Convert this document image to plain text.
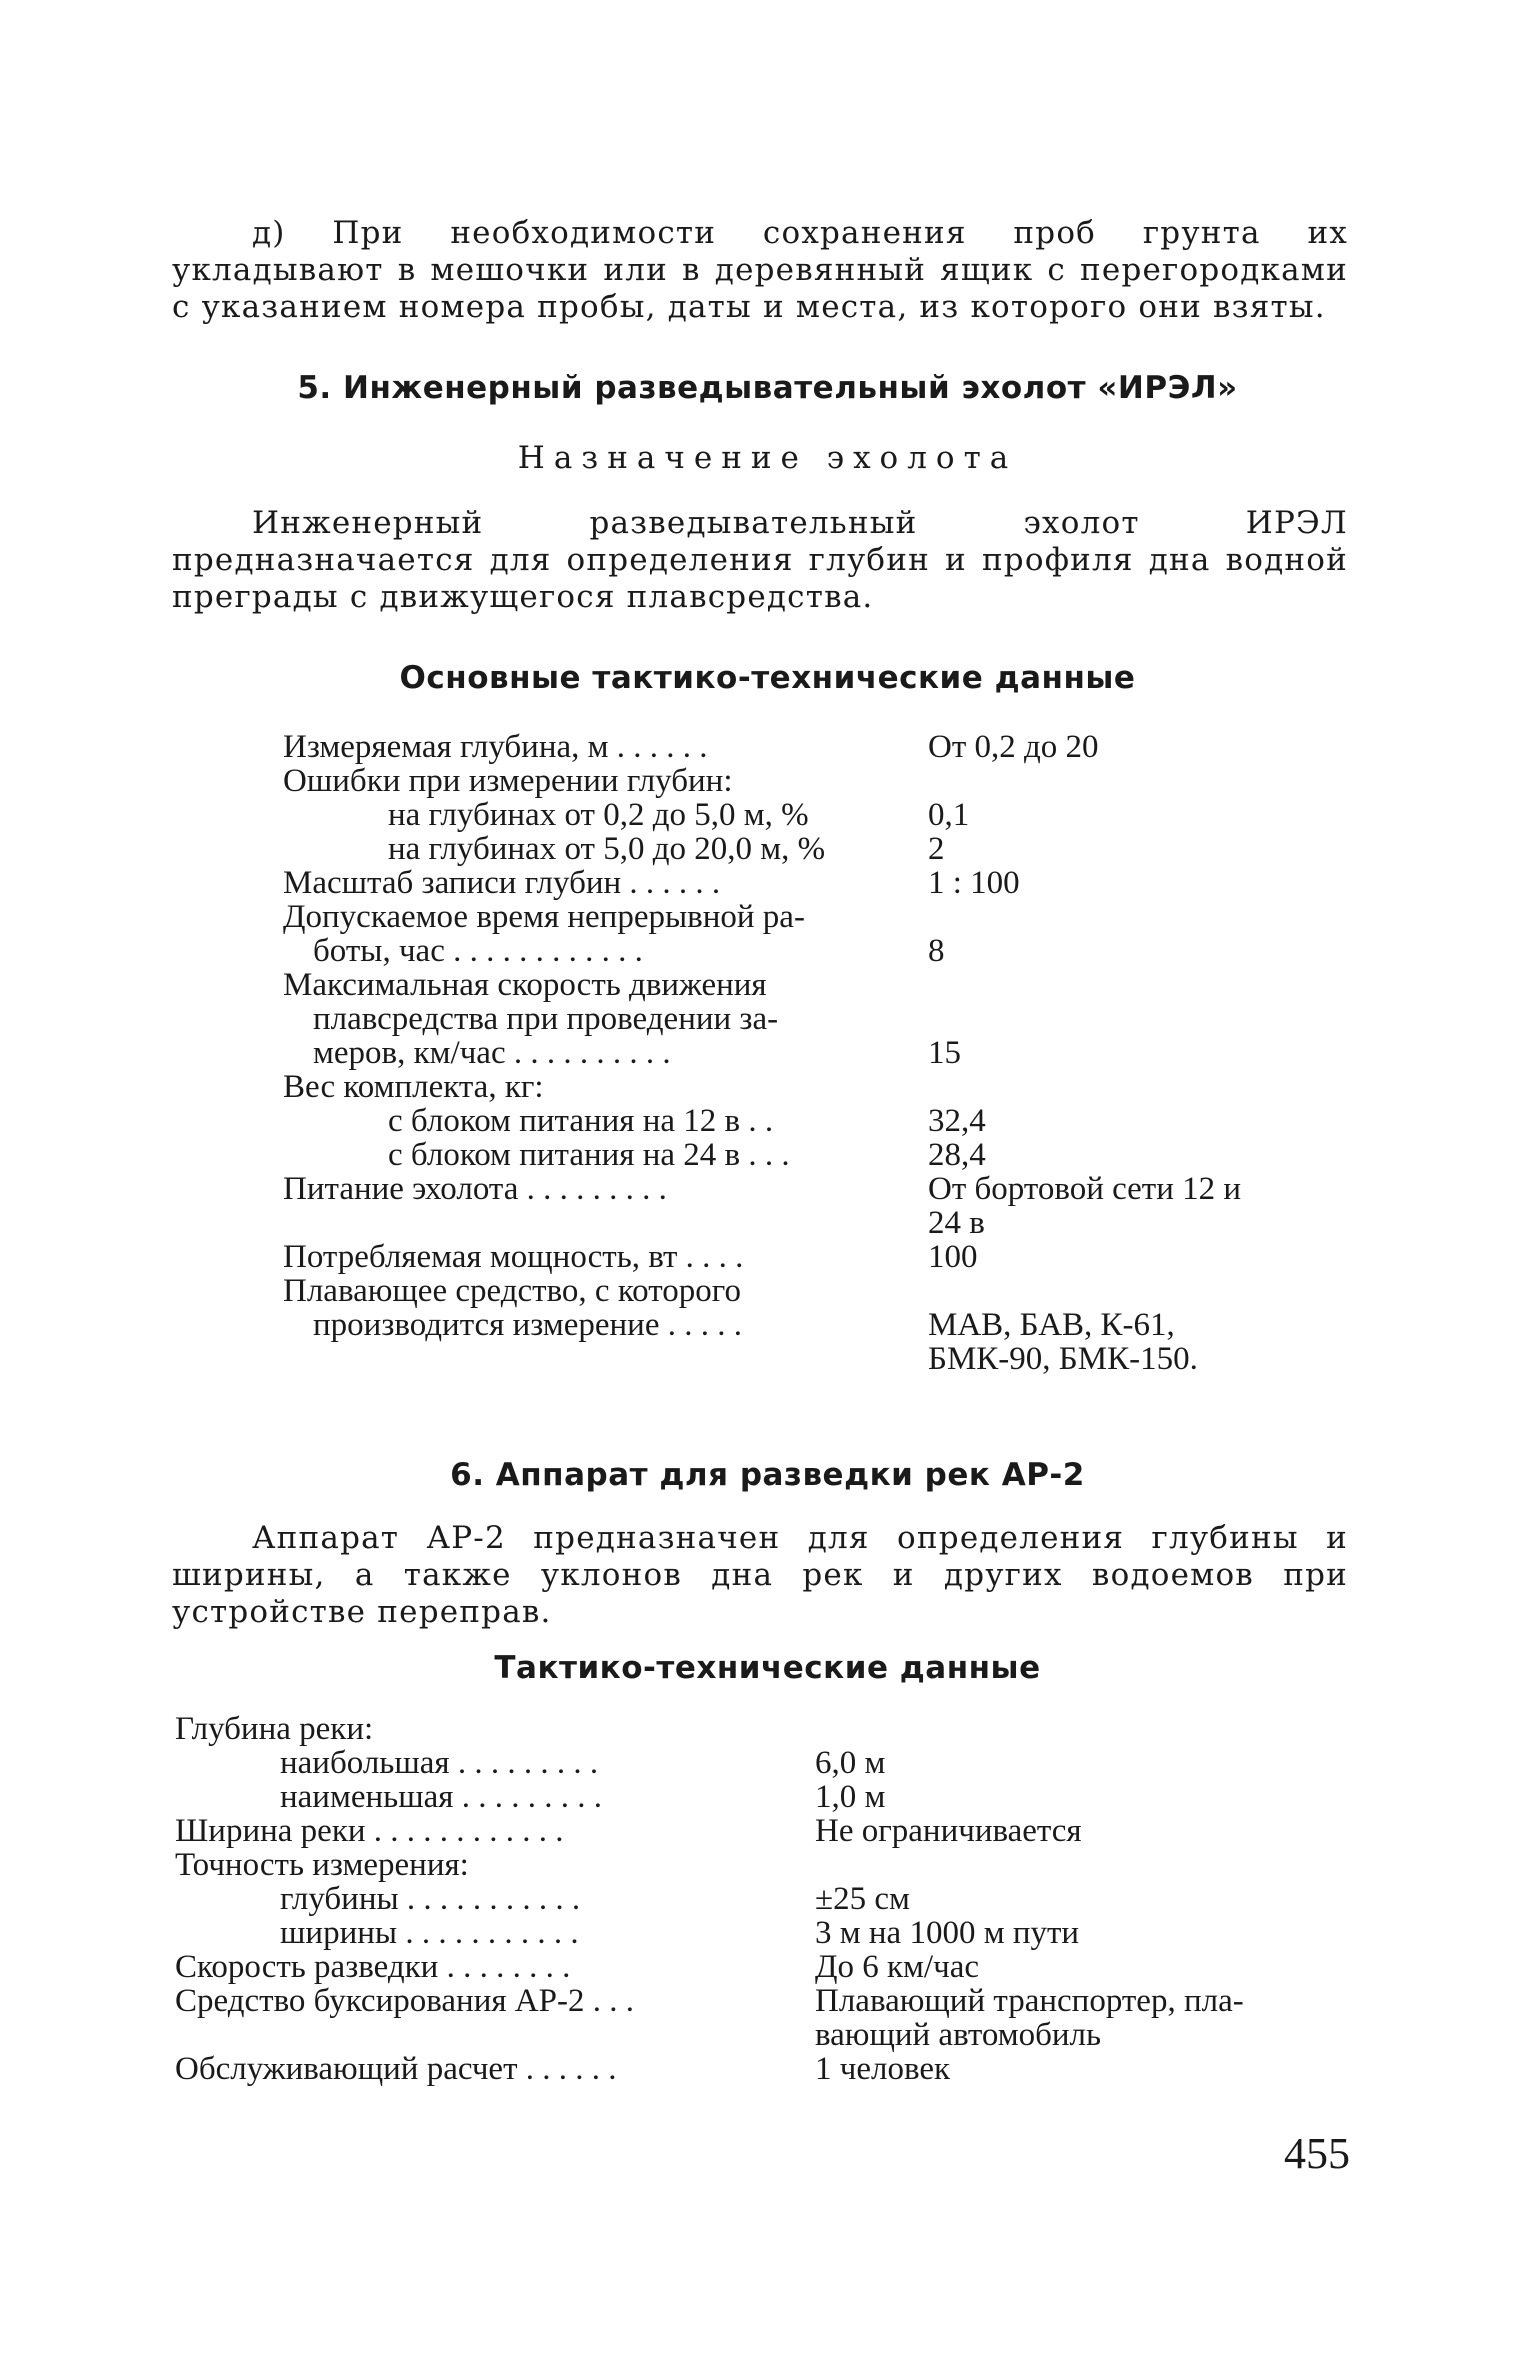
д) При необходимости сохранения проб грунта их укладывают в мешочки или в деревянный ящик с перегородками с указанием номера пробы, даты и места, из которого они взяты.
5. Инженерный разведывательный эхолот «ИРЭЛ»
Назначение эхолота
Инженерный разведывательный эхолот ИРЭЛ предназначается для определения глубин и профиля дна водной преграды с движущегося плавсредства.
Основные тактико-технические данные
Измеряемая глубина, м . . . . . .	От 0,2 до 20
Ошибки при измерении глубин:
на глубинах от 0,2 до 5,0 м, %	0,1
на глубинах от 5,0 до 20,0 м, %	2
Масштаб записи глубин . . . . . .	1 : 100
Допускаемое время непрерывной ра-
боты, час . . . . . . . . . . . .	8
Максимальная скорость движения
плавсредства при проведении за-
меров, км/час . . . . . . . . . .	15
Вес комплекта, кг:
с блоком питания на 12 в . .	32,4
с блоком питания на 24 в . . .	28,4
Питание эхолота . . . . . . . . .	От бортовой сети 12 и
24 в
Потребляемая мощность, вт . . . .	100
Плавающее средство, с которого
производится измерение . . . . .	МАВ, БАВ, К-61,
БМК-90, БМК-150.
6. Аппарат для разведки рек АР-2
Аппарат АР-2 предназначен для определения глубины и ширины, а также уклонов дна рек и других водоемов при устройстве переправ.
Тактико-технические данные
Глубина реки:
наибольшая . . . . . . . . .	6,0 м
наименьшая . . . . . . . . .	1,0 м
Ширина реки . . . . . . . . . . . .	Не ограничивается
Точность измерения:
глубины . . . . . . . . . . .	±25 см
ширины . . . . . . . . . . .	3 м на 1000 м пути
Скорость разведки . . . . . . . .	До 6 км/час
Средство буксирования АР-2 . . .	Плавающий транспортер, пла-
вающий автомобиль
Обслуживающий расчет . . . . . .	1 человек
455
